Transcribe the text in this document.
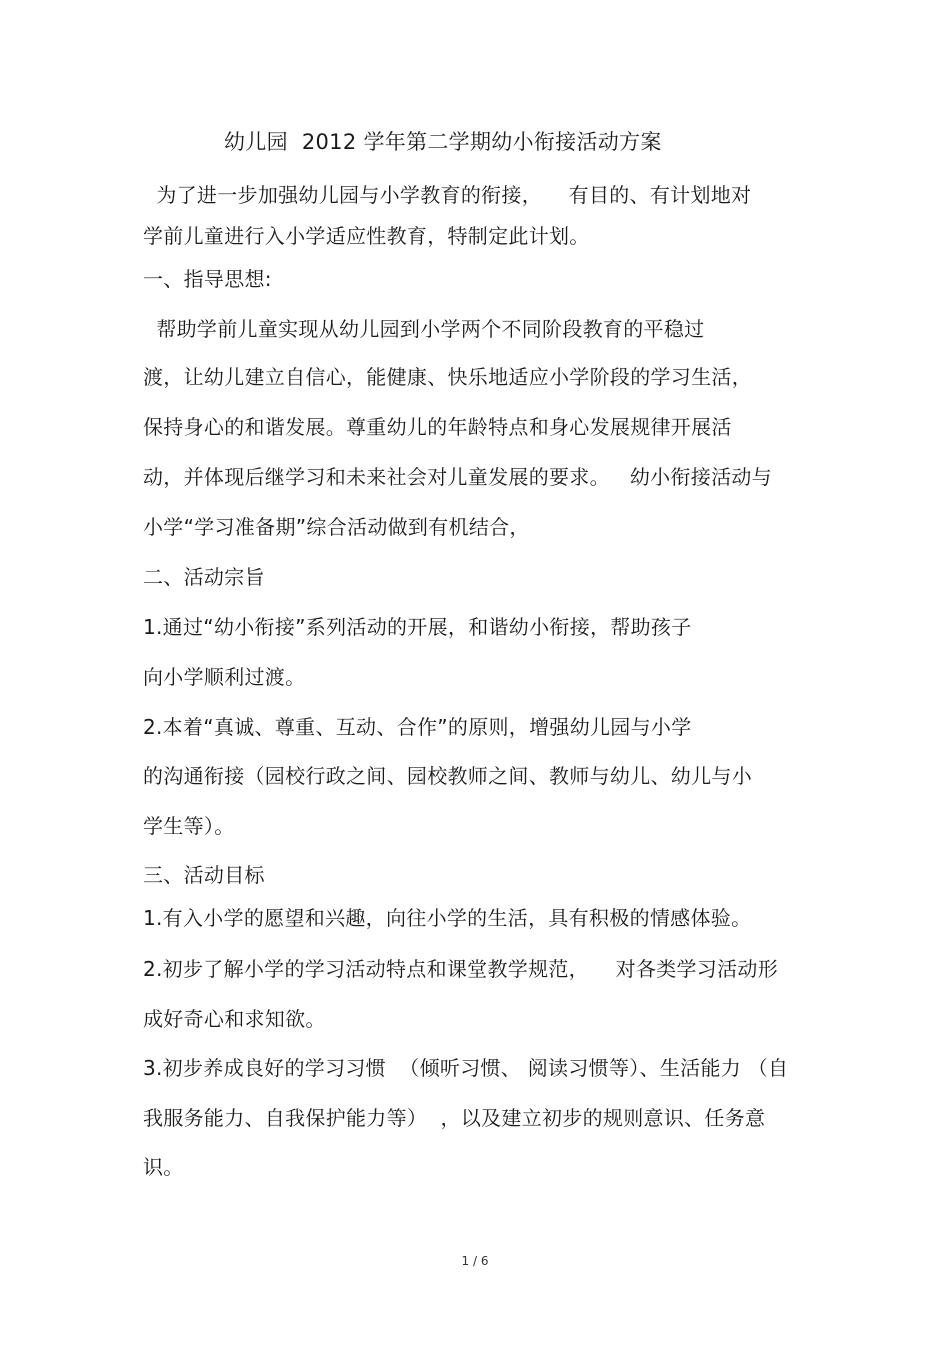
幼儿园  2012 学年第二学期幼小衔接活动方案
为了进一步加强幼儿园与小学教育的衔接，    有目的、有计划地对
学前儿童进行入小学适应性教育，特制定此计划。
一、指导思想:
帮助学前儿童实现从幼儿园到小学两个不同阶段教育的平稳过
渡，让幼儿建立自信心，能健康、快乐地适应小学阶段的学习生活，
保持身心的和谐发展。尊重幼儿的年龄特点和身心发展规律开展活
动，并体现后继学习和未来社会对儿童发展的要求。   幼小衔接活动与
小学“学习准备期”综合活动做到有机结合，
二、活动宗旨
1.通过“幼小衔接”系列活动的开展，和谐幼小衔接，帮助孩子
向小学顺利过渡。
2.本着“真诚、尊重、互动、合作”的原则，增强幼儿园与小学
的沟通衔接（园校行政之间、园校教师之间、教师与幼儿、幼儿与小
学生等）。
三、活动目标
1.有入小学的愿望和兴趣，向往小学的生活，具有积极的情感体验。
2.初步了解小学的学习活动特点和课堂教学规范，    对各类学习活动形
成好奇心和求知欲。
3.初步养成良好的学习习惯  （倾听习惯、 阅读习惯等）、生活能力 （自
我服务能力、自我保护能力等）  ，以及建立初步的规则意识、任务意
识。
1 / 6
